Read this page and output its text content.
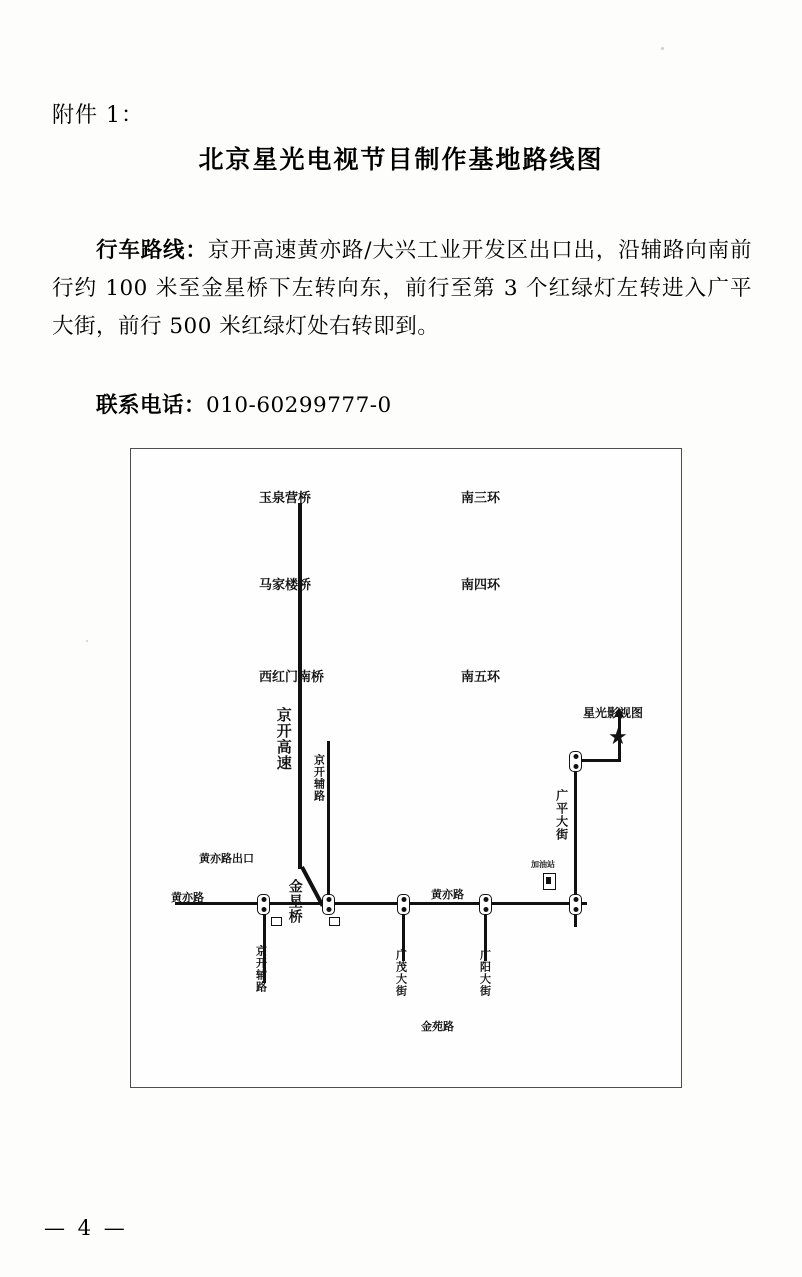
附件 1：
北京星光电视节目制作基地路线图
行车路线：京开高速黄亦路/大兴工业开发区出口出，沿辅路向南前行约 100 米至金星桥下左转向东，前行至第 3 个红绿灯左转进入广平大街，前行 500 米红绿灯处右转即到。
联系电话：010-60299777-0
玉泉营桥	南三环
马家楼桥	南四环
西红门南桥	南五环
京开高速
京开辅路
黄亦路出口
黄亦路	黄亦路
金星桥
京开辅路	广茂大街	广阳大街
广平大街
金苑路
星光影视图
★
加油站
— 4 —
